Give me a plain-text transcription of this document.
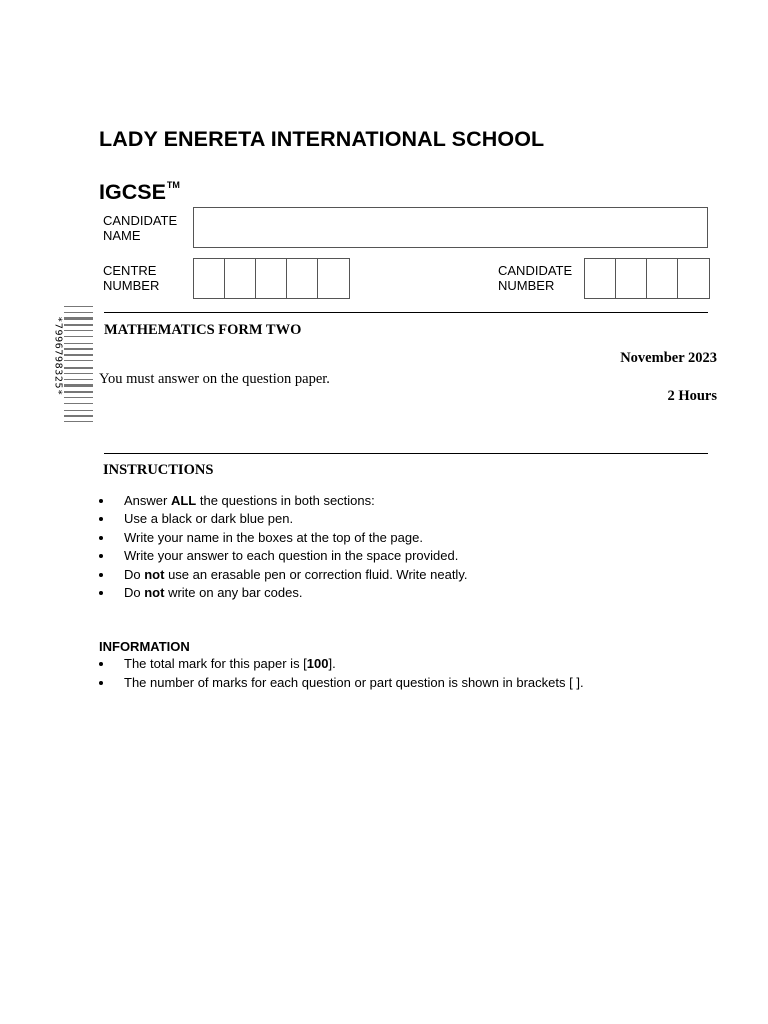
LADY ENERETA INTERNATIONAL SCHOOL
IGCSE™
CANDIDATE
NAME
CENTRE
NUMBER
CANDIDATE
NUMBER
*7996798325*	MATHEMATICS FORM TWO
November 2023
You must answer on the question paper.
2 Hours
INSTRUCTIONS
Answer ALL the questions in both sections:
Use a black or dark blue pen.
Write your name in the boxes at the top of the page.
Write your answer to each question in the space provided.
Do not use an erasable pen or correction fluid. Write neatly.
Do not write on any bar codes.
INFORMATION
The total mark for this paper is [100].
The number of marks for each question or part question is shown in brackets [ ].
